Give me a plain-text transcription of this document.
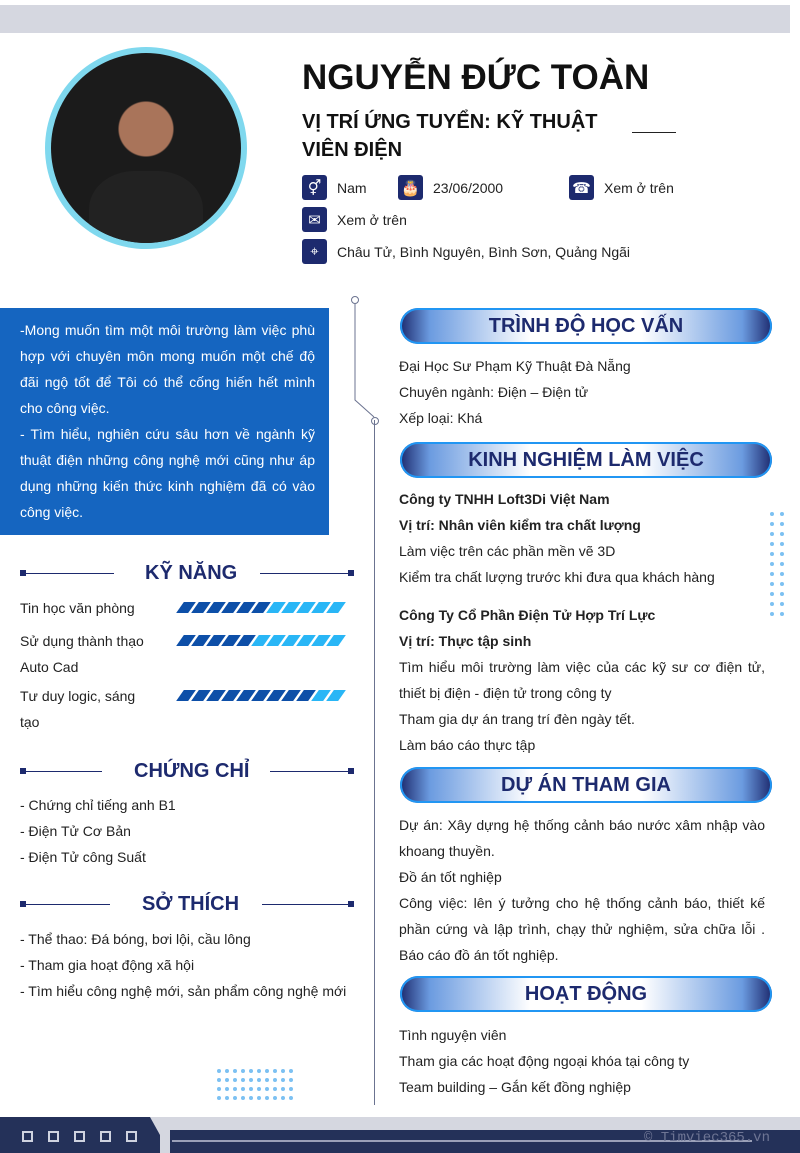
NGUYỄN ĐỨC TOÀN
VỊ TRÍ ỨNG TUYỂN: KỸ THUẬT VIÊN ĐIỆN
⚥	Nam 🎂 23/06/2000	☎ Xem ở trên
✉	Xem ở trên
⌖	Châu Tử, Bình Nguyên, Bình Sơn, Quảng Ngãi
-Mong muốn tìm một môi trường làm việc phù hợp với chuyên môn mong muốn một chế độ đãi ngộ tốt để Tôi có thể cống hiến hết mình cho công việc.
- Tìm hiểu, nghiên cứu sâu hơn về ngành kỹ thuật điện những công nghệ mới cũng như áp dụng những kiến thức kinh nghiệm đã có vào công việc.
KỸ NĂNG
Tin học văn phòng
Sử dụng thành thạo Auto Cad
Tư duy logic, sáng tạo
CHỨNG CHỈ
- Chứng chỉ tiếng anh B1
- Điện Tử Cơ Bản
- Điện Tử công Suất
SỞ THÍCH
- Thể thao: Đá bóng, bơi lội, cầu lông
- Tham gia hoạt động xã hội
- Tìm hiểu công nghệ mới, sản phẩm công nghệ mới
TRÌNH ĐỘ HỌC VẤN
Đại Học Sư Phạm Kỹ Thuật Đà Nẵng
Chuyên ngành: Điện – Điện tử
Xếp loại: Khá
KINH NGHIỆM LÀM VIỆC
Công ty TNHH Loft3Di Việt Nam
Vị trí: Nhân viên kiểm tra chất lượng
Làm việc trên các phần mền vẽ 3D
Kiểm tra chất lượng trước khi đưa qua khách hàng
Công Ty Cổ Phần Điện Tử Hợp Trí Lực
Vị trí: Thực tập sinh
Tìm hiểu môi trường làm việc của các kỹ sư cơ điện tử, thiết bị điện - điện tử trong công ty
Tham gia dự án trang trí đèn ngày tết.
Làm báo cáo thực tập
DỰ ÁN THAM GIA
Dự án: Xây dựng hệ thống cảnh báo nước xâm nhập vào khoang thuyền.
Đồ án tốt nghiệp
Công việc: lên ý tưởng cho hệ thống cảnh báo, thiết kế phần cứng và lập trình, chạy thử nghiệm, sửa chữa lỗi . Báo cáo đồ án tốt nghiệp.
HOẠT ĐỘNG
Tình nguyện viên
Tham gia các hoạt động ngoại khóa tại công ty
Team building – Gắn kết đồng nghiệp
© Timviec365.vn
